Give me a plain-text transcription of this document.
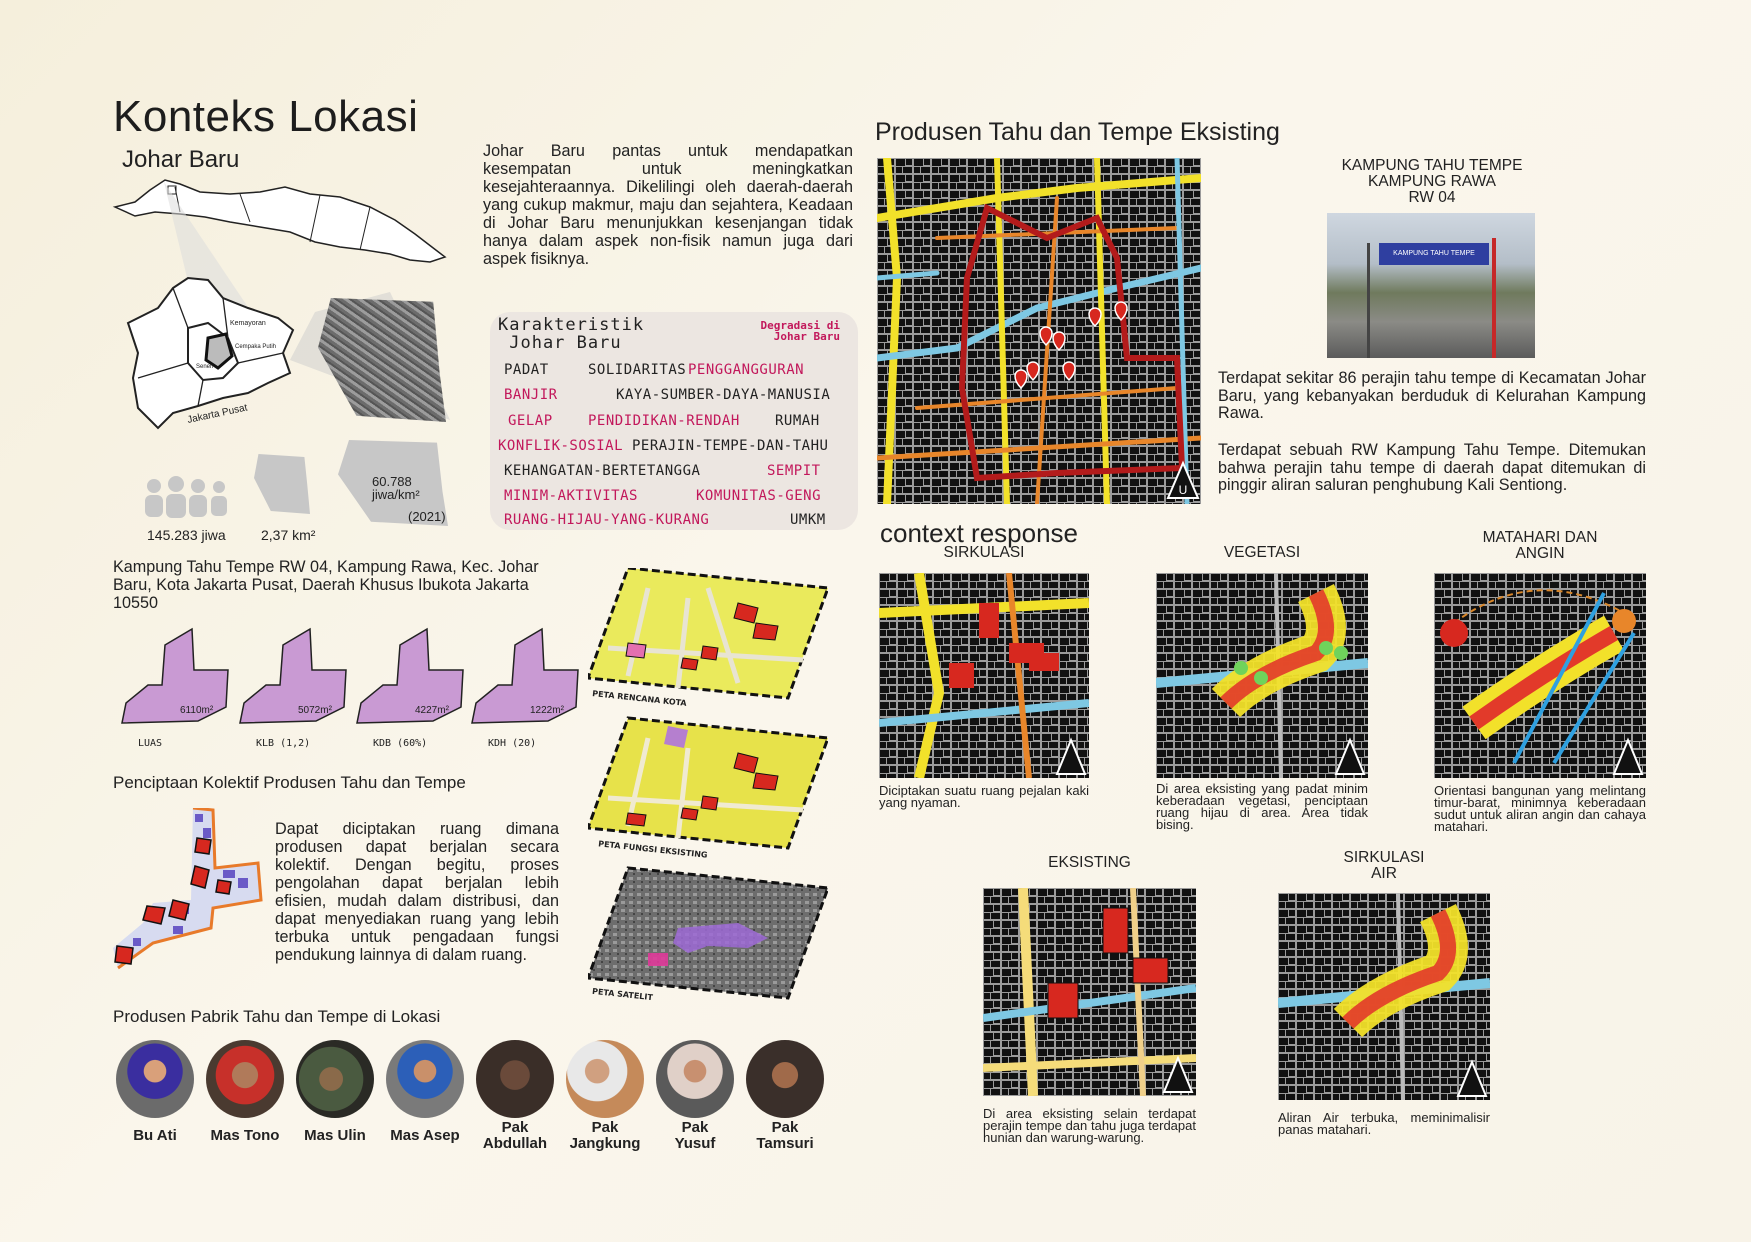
Konteks Lokasi
Johar Baru
Kemayoran
Cempaka Putih
Senen
Jakarta Pusat
145.283 jiwa	2,37 km²
60.788
jiwa/km²
(2021)
Johar Baru pantas untuk mendapatkan kesempatan untuk meningkatkan kesejahteraannya. Dikelilingi oleh daerah-daerah yang cukup makmur, maju dan sejahtera, Keadaan di Johar Baru menunjukkan kesenjangan tidak hanya dalam aspek non-fisik namun juga dari aspek fisiknya.
Karakteristik
Johar Baru
Degradasi di
Johar Baru
PADAT	SOLIDARITAS PENGGANGGURAN
BANJIR	KAYA-SUMBER-DAYA-MANUSIA
GELAP	PENDIDIKAN-RENDAH	RUMAH
KONFLIK-SOSIAL PERAJIN-TEMPE-DAN-TAHU
KEHANGATAN-BERTETANGGA	SEMPIT
MINIM-AKTIVITAS	KOMUNITAS-GENG
RUANG-HIJAU-YANG-KURANG	UMKM
Kampung Tahu Tempe RW 04, Kampung Rawa, Kec. Johar Baru, Kota Jakarta Pusat, Daerah Khusus Ibukota Jakarta 10550
6110m²
LUAS
5072m²
KLB (1,2)
4227m²
KDB (60%)
1222m²
KDH (20)
PETA RENCANA KOTA
PETA FUNGSI EKSISTING
PETA SATELIT
Penciptaan Kolektif Produsen Tahu dan Tempe
Dapat diciptakan ruang dimana produsen dapat berjalan secara kolektif. Dengan begitu, proses pengolahan dapat berjalan lebih efisien, mudah dalam distribusi, dan dapat menyediakan ruang yang lebih terbuka untuk pengadaan fungsi pendukung lainnya di dalam ruang.
Produsen Pabrik Tahu dan Tempe di Lokasi
Bu Ati	Mas Tono	Mas Ulin	Mas Asep	Pak
Abdullah
Pak
Jangkung
Pak
Yusuf
Pak
Tamsuri
Produsen Tahu dan Tempe Eksisting
U
KAMPUNG TAHU TEMPE
KAMPUNG RAWA
RW 04
KAMPUNG TAHU TEMPE
Terdapat sekitar 86 perajin tahu tempe di Kecamatan Johar Baru, yang kebanyakan berduduk di Kelurahan Kampung Rawa.
Terdapat sebuah RW Kampung Tahu Tempe. Ditemukan bahwa perajin tahu tempe di daerah dapat ditemukan di pinggir aliran saluran penghubung Kali Sentiong.
context response
SIRKULASI
Diciptakan suatu ruang pejalan kaki yang nyaman.
VEGETASI
Di area eksisting yang padat minim keberadaan vegetasi, penciptaan ruang hijau di area. Area tidak bising.
MATAHARI DAN
ANGIN
Orientasi bangunan yang melintang timur-barat, minimnya keberadaan sudut untuk aliran angin dan cahaya matahari.
EKSISTING
Di area eksisting selain terdapat perajin tempe dan tahu juga terdapat hunian dan warung-warung.
SIRKULASI
AIR
Aliran Air terbuka, meminimalisir panas matahari.
